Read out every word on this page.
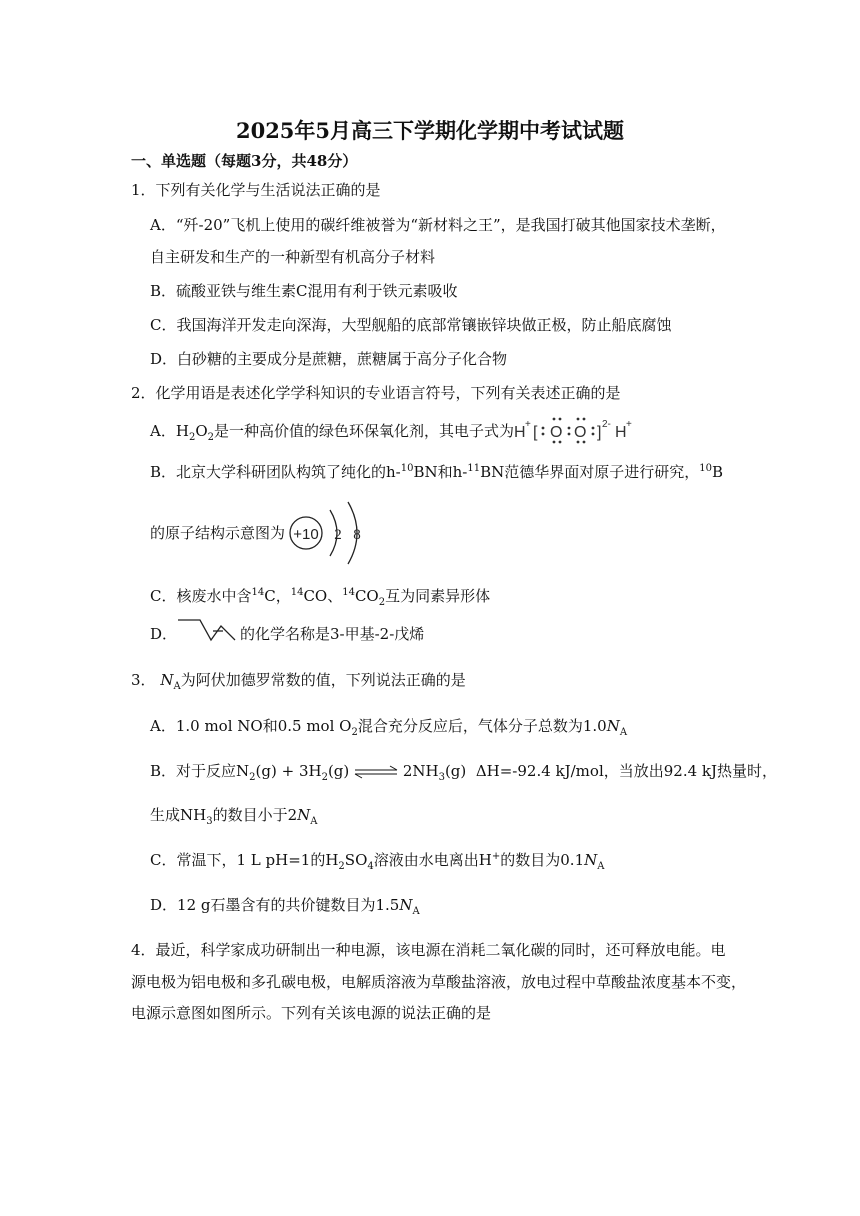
2025年5月高三下学期化学期中考试试题
一、单选题（每题3分，共48分）
1．下列有关化学与生活说法正确的是
A．“歼-20”飞机上使用的碳纤维被誉为“新材料之王”，是我国打破其他国家技术垄断，
自主研发和生产的一种新型有机高分子材料
B．硫酸亚铁与维生素C混用有利于铁元素吸收
C．我国海洋开发走向深海，大型舰船的底部常镶嵌锌块做正极，防止船底腐蚀
D．白砂糖的主要成分是蔗糖，蔗糖属于高分子化合物
2．化学用语是表述化学学科知识的专业语言符号，下列有关表述正确的是
A．$H_2O_2$是一种高价值的绿色环保氧化剂，其电子式为 H + [ O O ] 2- H +
B．北京大学科研团队构筑了纯化的h-$^{10}$BN和h-$^{11}$BN范德华界面对原子进行研究，$^{10}$B
的原子结构示意图为 +10 2 8
C．核废水中含$^{14}$C，$^{14}$CO、$^{14}CO_2$互为同素异形体
D．	的化学名称是3-甲基-2-戊烯
3． $N_A$为阿伏加德罗常数的值，下列说法正确的是
A．1.0 mol NO和0.5 mol $O_2$混合充分反应后，气体分子总数为$1.0N_A$
B．对于反应$N_2(g) + 3H_2(g)$ ⇌ $2NH_3(g)$ ΔH=-92.4 kJ/mol，当放出92.4 kJ热量时，
生成$NH_3$的数目小于$2N_A$
C．常温下，1 L pH=1的$H_2SO_4$溶液由水电离出H+的数目为$0.1N_A$
D．12 g石墨含有的共价键数目为$1.5N_A$
4．最近，科学家成功研制出一种电源，该电源在消耗二氧化碳的同时，还可释放电能。电
源电极为铝电极和多孔碳电极，电解质溶液为草酸盐溶液，放电过程中草酸盐浓度基本不变，
电源示意图如图所示。下列有关该电源的说法正确的是
